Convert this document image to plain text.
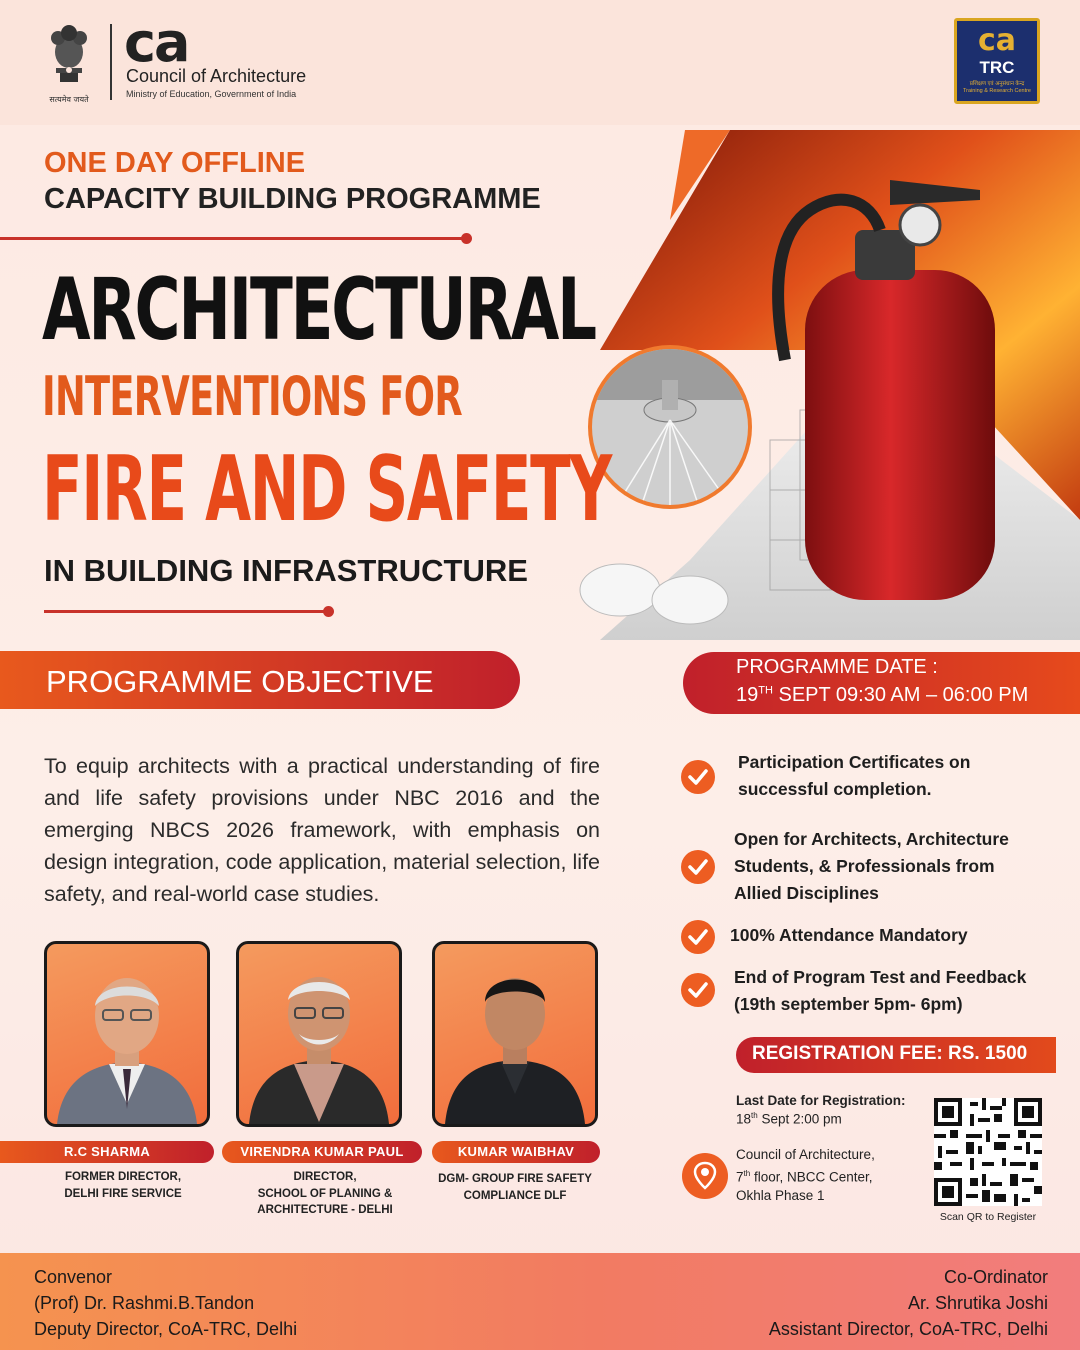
सत्यमेव जयते
ca
Council of Architecture
Ministry of Education, Government of India
ca
TRC
प्रशिक्षण एवं अनुसंधान केन्द्र
Training & Research Centre
ONE DAY OFFLINE
CAPACITY BUILDING PROGRAMME
ARCHITECTURAL
INTERVENTIONS FOR
FIRE AND SAFETY
IN BUILDING INFRASTRUCTURE
PROGRAMME OBJECTIVE
To equip architects with a practical understanding of fire and life safety provisions under NBC 2016 and the emerging NBCS 2026 framework, with emphasis on design integration, code application, material selection, life safety, and real-world case studies.
PROGRAMME DATE :
19TH SEPT 09:30 AM – 06:00 PM
Participation Certificates on
successful completion.
Open for Architects, Architecture
Students, & Professionals from
Allied Disciplines
100% Attendance Mandatory
End of Program Test and Feedback
(19th september 5pm- 6pm)
REGISTRATION FEE: RS. 1500
Last Date for Registration:
18th Sept 2:00 pm
Council of Architecture,
7th floor, NBCC Center,
Okhla Phase 1
Scan QR to Register
R.C SHARMA	VIRENDRA KUMAR PAUL	KUMAR WAIBHAV
FORMER DIRECTOR,
DELHI FIRE SERVICE
DIRECTOR,
SCHOOL OF PLANING &
ARCHITECTURE - DELHI
DGM- GROUP FIRE SAFETY
COMPLIANCE DLF
Convenor
(Prof) Dr. Rashmi.B.Tandon
Deputy Director, CoA-TRC, Delhi
Co-Ordinator
Ar. Shrutika Joshi
Assistant Director, CoA-TRC, Delhi
